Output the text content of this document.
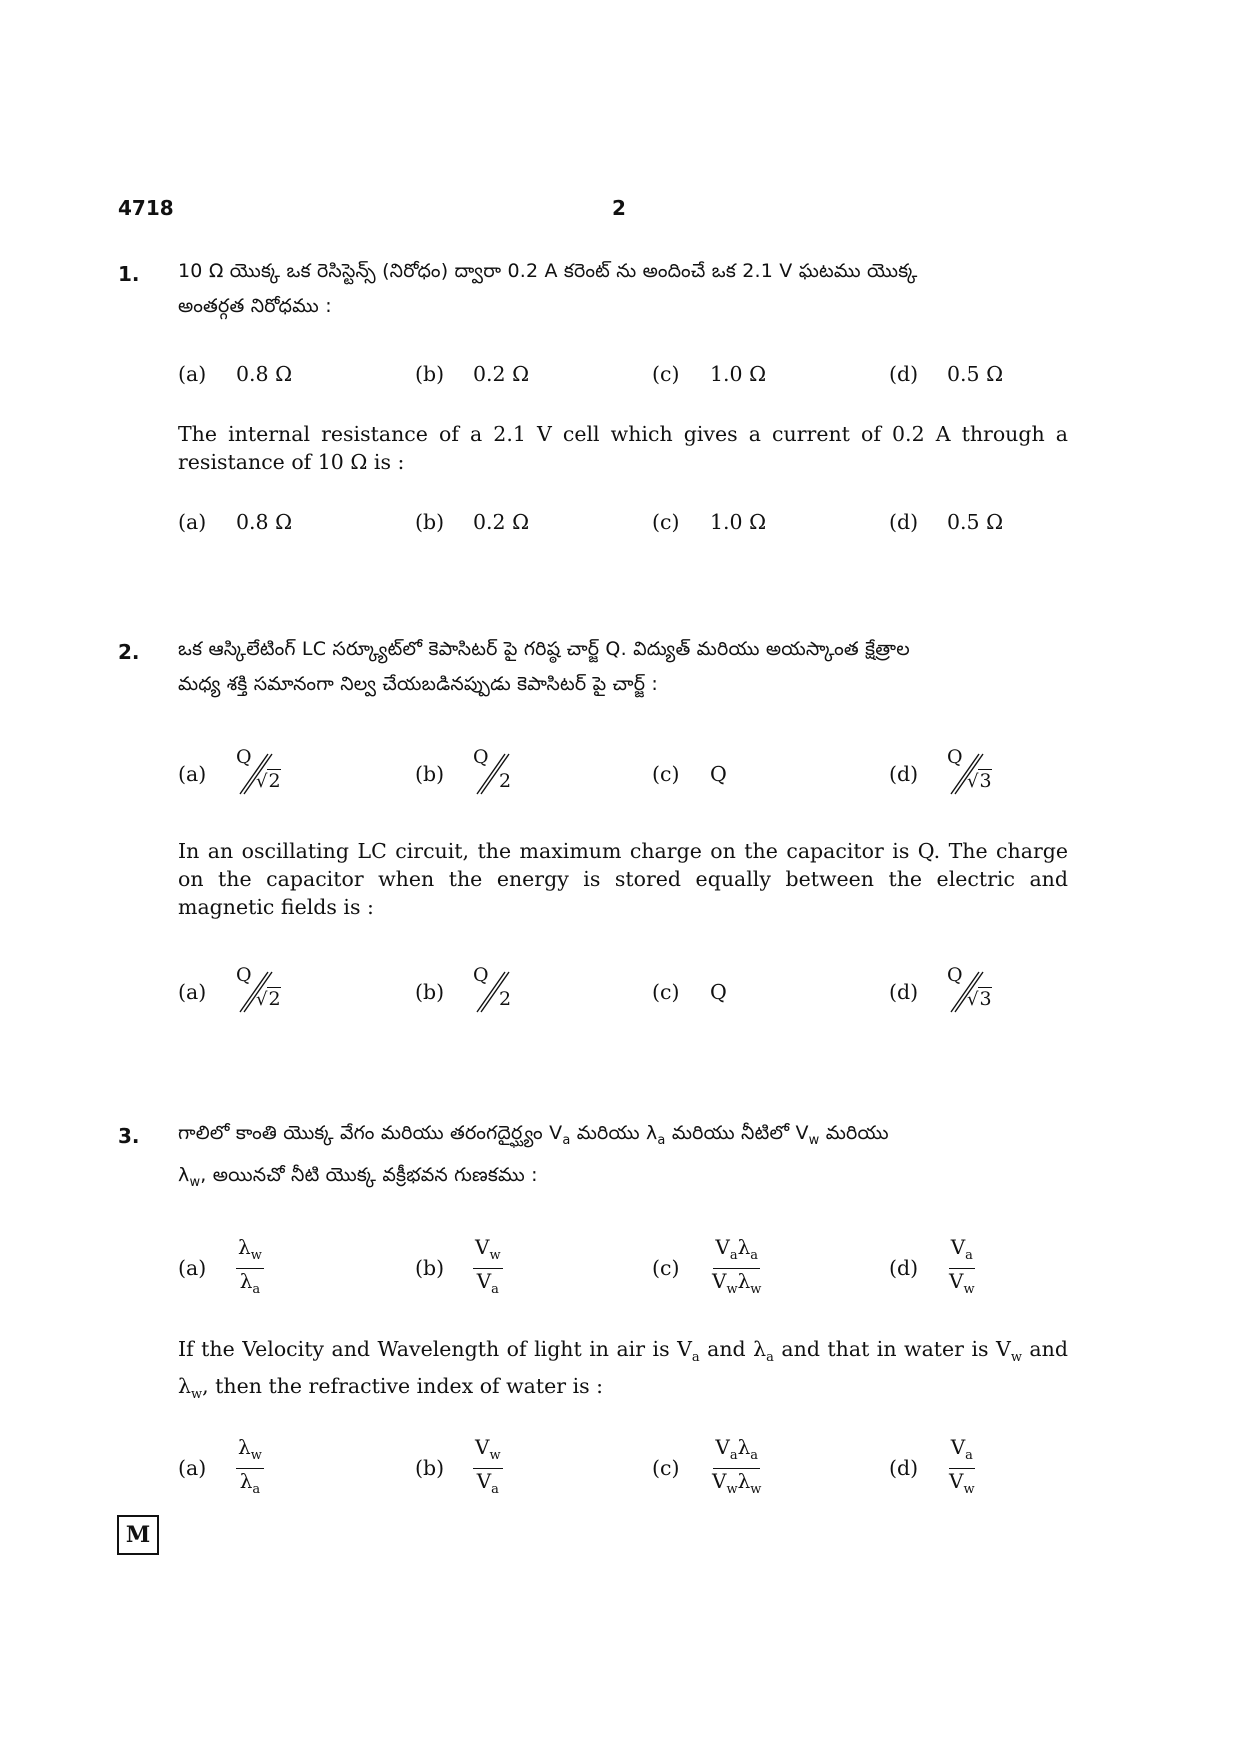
4718	2
1. 10 Ω యొక్క ఒక రెసిస్టెన్స్ (నిరోధం) ద్వారా 0.2 A కరెంట్ ను అందించే ఒక 2.1 V ఘటము యొక్క
అంతర్గత నిరోధము :
(a)	0.8 Ω	(b)	0.2 Ω	(c)	1.0 Ω	(d)	0.5 Ω
The internal resistance of a 2.1 V cell which gives a current of 0.2 A through a resistance of 10 Ω is :
(a)	0.8 Ω	(b)	0.2 Ω	(c)	1.0 Ω	(d)	0.5 Ω
2. ఒక ఆస్కిలేటింగ్ LC సర్క్యూట్‌లో కెపాసిటర్ పై గరిష్ఠ చార్జ్ Q. విద్యుత్ మరియు అయస్కాంత క్షేత్రాల
మధ్య శక్తి సమానంగా నిల్వ చేయబడినప్పుడు కెపాసిటర్ పై చార్జ్ :
(a)
Q
√2	(b)
Q
2	(c)	Q	(d)
Q
√3
In an oscillating LC circuit, the maximum charge on the capacitor is Q. The charge on the capacitor when the energy is stored equally between the electric and magnetic fields is :
(a)
Q
√2	(b)
Q
2	(c)	Q	(d)
Q
√3
3. గాలిలో కాంతి యొక్క వేగం మరియు తరంగదైర్ఘ్యం $V_a$ మరియు $\lambda_a$ మరియు నీటిలో $V_w$ మరియు
$\lambda_w$, అయినచో నీటి యొక్క వక్రీభవన గుణకము :
(a)	$\frac{\lambda_w}{\lambda_a}$	(b)	$\frac{V_w}{V_a}$	(c)	$\frac{V_a\lambda_a}{V_w\lambda_w}$	(d)	$\frac{V_a}{V_w}$
If the Velocity and Wavelength of light in air is $V_a$ and $\lambda_a$ and that in water is $V_w$ and $\lambda_w$, then the refractive index of water is :
(a)	$\frac{\lambda_w}{\lambda_a}$	(b)	$\frac{V_w}{V_a}$	(c)	$\frac{V_a\lambda_a}{V_w\lambda_w}$	(d)	$\frac{V_a}{V_w}$
M
